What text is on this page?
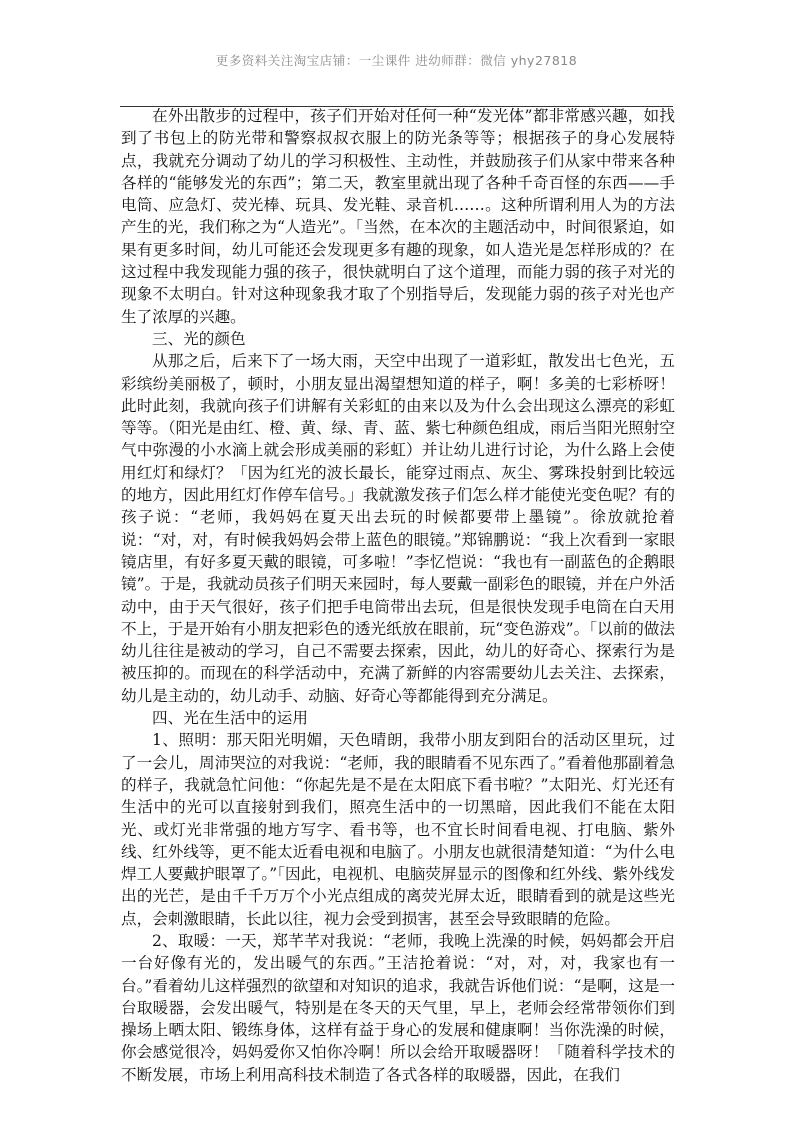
更多资料关注淘宝店铺：一尘课件 进幼师群：微信 yhy27818

在外出散步的过程中，孩子们开始对任何一种“发光体”都非常感兴趣，如找到了书包上的防光带和警察叔叔衣服上的防光条等等；根据孩子的身心发展特点，我就充分调动了幼儿的学习积极性、主动性，并鼓励孩子们从家中带来各种各样的“能够发光的东西”；第二天，教室里就出现了各种千奇百怪的东西——手电筒、应急灯、荧光棒、玩具、发光鞋、录音机……。这种所谓利用人为的方法产生的光，我们称之为“人造光”。「当然，在本次的主题活动中，时间很紧迫，如果有更多时间，幼儿可能还会发现更多有趣的现象，如人造光是怎样形成的？在这过程中我发现能力强的孩子，很快就明白了这个道理，而能力弱的孩子对光的现象不太明白。针对这种现象我才取了个别指导后，发现能力弱的孩子对光也产生了浓厚的兴趣。

三、光的颜色

从那之后，后来下了一场大雨，天空中出现了一道彩虹，散发出七色光，五彩缤纷美丽极了，顿时，小朋友显出渴望想知道的样子，啊！多美的七彩桥呀！此时此刻，我就向孩子们讲解有关彩虹的由来以及为什么会出现这么漂亮的彩虹等等。（阳光是由红、橙、黄、绿、青、蓝、紫七种颜色组成，雨后当阳光照射空气中弥漫的小水滴上就会形成美丽的彩虹）并让幼儿进行讨论，为什么路上会使用红灯和绿灯？「因为红光的波长最长，能穿过雨点、灰尘、雾珠投射到比较远的地方，因此用红灯作停车信号。」我就激发孩子们怎么样才能使光变色呢？有的孩子说：“老师，我妈妈在夏天出去玩的时候都要带上墨镜”。徐放就抢着说：“对，对，有时候我妈妈会带上蓝色的眼镜。”郑锦鹏说：“我上次看到一家眼镜店里，有好多夏天戴的眼镜，可多啦！”李忆恺说：“我也有一副蓝色的企鹅眼镜”。于是，我就动员孩子们明天来园时，每人要戴一副彩色的眼镜，并在户外活动中，由于天气很好，孩子们把手电筒带出去玩，但是很快发现手电筒在白天用不上，于是开始有小朋友把彩色的透光纸放在眼前，玩“变色游戏”。「以前的做法幼儿往往是被动的学习，自己不需要去探索，因此，幼儿的好奇心、探索行为是被压抑的。而现在的科学活动中，充满了新鲜的内容需要幼儿去关注、去探索，幼儿是主动的，幼儿动手、动脑、好奇心等都能得到充分满足。

四、光在生活中的运用

1、照明：那天阳光明媚，天色晴朗，我带小朋友到阳台的活动区里玩，过了一会儿，周沛哭泣的对我说：“老师，我的眼睛看不见东西了。”看着他那副着急的样子，我就急忙问他：“你起先是不是在太阳底下看书啦？”太阳光、灯光还有生活中的光可以直接射到我们，照亮生活中的一切黑暗，因此我们不能在太阳光、或灯光非常强的地方写字、看书等，也不宜长时间看电视、打电脑、紫外线、红外线等，更不能太近看电视和电脑了。小朋友也就很清楚知道：“为什么电焊工人要戴护眼罩了。”「因此，电视机、电脑荧屏显示的图像和红外线、紫外线发出的光芒，是由千千万万个小光点组成的离荧光屏太近，眼睛看到的就是这些光点，会刺激眼睛，长此以往，视力会受到损害，甚至会导致眼睛的危险。

2、取暖：一天，郑芊芊对我说：“老师，我晚上洗澡的时候，妈妈都会开启一台好像有光的，发出暖气的东西。”王洁抢着说：“对，对，对，我家也有一台。”看着幼儿这样强烈的欲望和对知识的追求，我就告诉他们说：“是啊，这是一台取暖器，会发出暖气，特别是在冬天的天气里，早上，老师会经常带领你们到操场上晒太阳、锻练身体，这样有益于身心的发展和健康啊！当你洗澡的时候，你会感觉很冷，妈妈爱你又怕你冷啊！所以会给开取暖器呀！「随着科学技术的不断发展，市场上利用高科技术制造了各式各样的取暖器，因此，在我们
